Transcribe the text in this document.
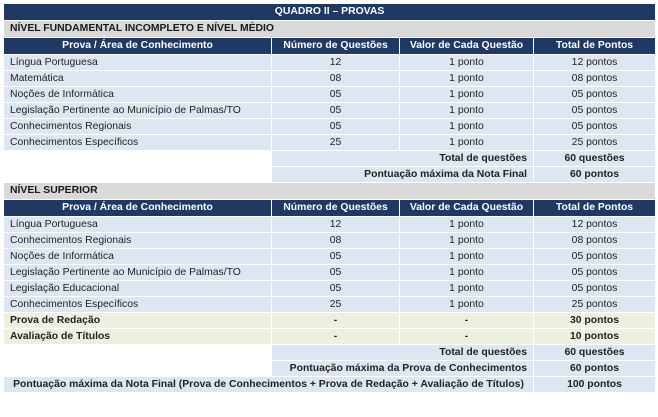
QUADRO II – PROVAS			
NÍVEL FUNDAMENTAL INCOMPLETO E NÍVEL MÉDIO			
Prova / Área de Conhecimento	Número de Questões	Valor de Cada Questão	Total de Pontos
Língua Portuguesa	12	1 ponto	12 pontos
Matemática	08	1 ponto	08 pontos
Noções de Informática	05	1 ponto	05 pontos
Legislação Pertinente ao Município de Palmas/TO	05	1 ponto	05 pontos
Conhecimentos Regionais	05	1 ponto	05 pontos
Conhecimentos Específicos	25	1 ponto	25 pontos
	Total de questões		60 questões
	Pontuação máxima da Nota Final		60 pontos
NÍVEL SUPERIOR			
Prova / Área de Conhecimento	Número de Questões	Valor de Cada Questão	Total de Pontos
Língua Portuguesa	12	1 ponto	12 pontos
Conhecimentos Regionais	08	1 ponto	08 pontos
Noções de Informática	05	1 ponto	05 pontos
Legislação Pertinente ao Município de Palmas/TO	05	1 ponto	05 pontos
Legislação Educacional	05	1 ponto	05 pontos
Conhecimentos Específicos	25	1 ponto	25 pontos
Prova de Redação	-	-	30 pontos
Avaliação de Títulos	-	-	10 pontos
	Total de questões		60 questões
	Pontuação máxima da Prova de Conhecimentos		60 pontos
Pontuação máxima da Nota Final (Prova de Conhecimentos + Prova de Redação + Avaliação de Títulos)			100 pontos
